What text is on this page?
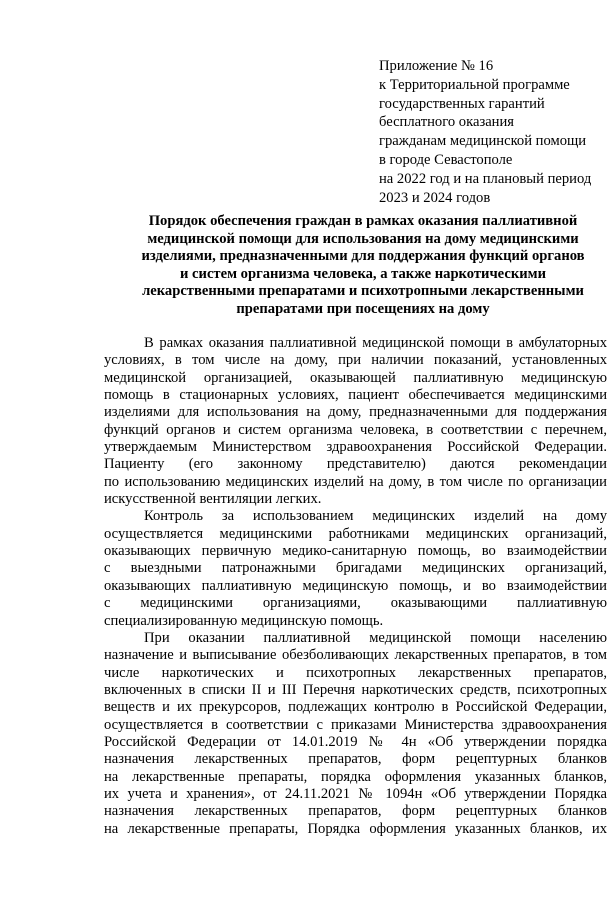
Приложение № 16
к Территориальной программе
государственных гарантий
бесплатного оказания
гражданам медицинской помощи
в городе Севастополе
на 2022 год и на плановый период
2023 и 2024 годов
Порядок обеспечения граждан в рамках оказания паллиативной
медицинской помощи для использования на дому медицинскими
изделиями, предназначенными для поддержания функций органов
и систем организма человека, а также наркотическими
лекарственными препаратами и психотропными лекарственными
препаратами при посещениях на дому
В рамках оказания паллиативной медицинской помощи в амбулаторных
условиях, в том числе на дому, при наличии показаний, установленных
медицинской организацией, оказывающей паллиативную медицинскую
помощь в стационарных условиях, пациент обеспечивается медицинскими
изделиями для использования на дому, предназначенными для поддержания
функций органов и систем организма человека, в соответствии с перечнем,
утверждаемым Министерством здравоохранения Российской Федерации.
Пациенту (его законному представителю) даются рекомендации
по использованию медицинских изделий на дому, в том числе по организации
искусственной вентиляции легких.
Контроль за использованием медицинских изделий на дому
осуществляется медицинскими работниками медицинских организаций,
оказывающих первичную медико-санитарную помощь, во взаимодействии
с выездными патронажными бригадами медицинских организаций,
оказывающих паллиативную медицинскую помощь, и во взаимодействии
с медицинскими организациями, оказывающими паллиативную
специализированную медицинскую помощь.
При оказании паллиативной медицинской помощи населению
назначение и выписывание обезболивающих лекарственных препаратов, в том
числе наркотических и психотропных лекарственных препаратов,
включенных в списки II и III Перечня наркотических средств, психотропных
веществ и их прекурсоров, подлежащих контролю в Российской Федерации,
осуществляется в соответствии с приказами Министерства здравоохранения
Российской Федерации от 14.01.2019 № 4н «Об утверждении порядка
назначения лекарственных препаратов, форм рецептурных бланков
на лекарственные препараты, порядка оформления указанных бланков,
их учета и хранения», от 24.11.2021 № 1094н «Об утверждении Порядка
назначения лекарственных препаратов, форм рецептурных бланков
на лекарственные препараты, Порядка оформления указанных бланков, их
